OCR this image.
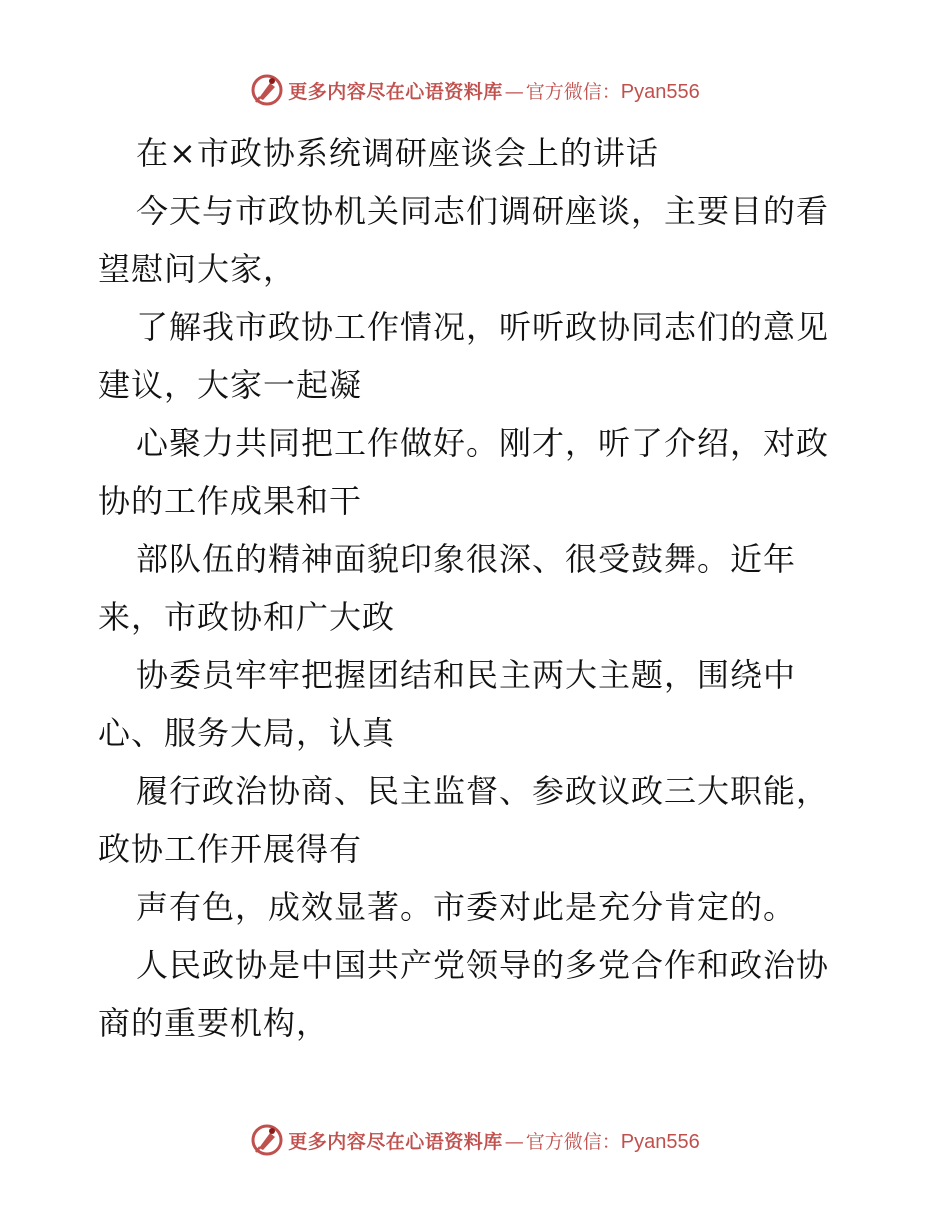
更多内容尽在心语资料库 — 官方微信： Pyan556
在×市政协系统调研座谈会上的讲话
今天与市政协机关同志们调研座谈，主要目的看
望慰问大家，
了解我市政协工作情况，听听政协同志们的意见
建议，大家一起凝
心聚力共同把工作做好。刚才，听了介绍，对政
协的工作成果和干
部队伍的精神面貌印象很深、很受鼓舞。近年
来，市政协和广大政
协委员牢牢把握团结和民主两大主题，围绕中
心、服务大局，认真
履行政治协商、民主监督、参政议政三大职能，
政协工作开展得有
声有色，成效显著。市委对此是充分肯定的。
人民政协是中国共产党领导的多党合作和政治协
商的重要机构，
更多内容尽在心语资料库 — 官方微信： Pyan556
